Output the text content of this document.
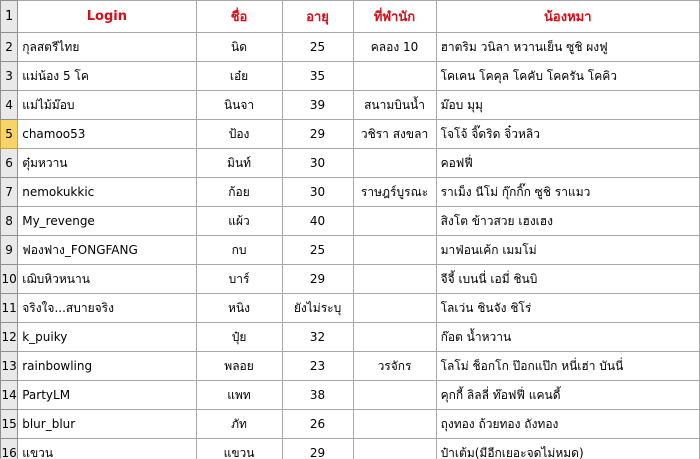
1	Login	ชื่อ	อายุ	ที่พำนัก	น้องหมา
2	กุลสตรีไทย	นิด	25	คลอง 10	ฮาตริม วนิลา หวานเย็น ซูชิ ผงฟู
3	แม่น้อง 5 โค	เอ๋ย	35		โคเคน โคคุล โคคับ โคครัน โคคิว
4	แม่ไม้ม๊อบ	นินจา	39	สนามบินน้ำ	ม๊อบ มุมุ
5	chamoo53	ป้อง	29	วชิรา สงขลา	โจโจ้ จิ๊ดริด จิ๋วหลิว
6	ตุ๋มหวาน	มินท์	30		คอฟฟี่
7	nemokukkic	ก้อย	30	ราษฎร์บูรณะ	ราเม็ง นีโม่ กุ๊กกิ๊ก ซูชิ ราแมว
8	My_revenge	แผ้ว	40		สิงโต ข้าวสวย เฮงเฮง
9	ฟองฟาง_FONGFANG	กบ	25		มาฟ่อนเค้ก เมมโม่
10	เฌิบหิวหนาน	บาร์	29		จีจี้ เบนนี่ เอมี่ ชินบิ
11	จริงใจ...สบายจริง	หนิง	ยังไม่ระบุ		โลเว่น ชินจัง ชิโร่
12	k_puiky	ปุ๋ย	32		ก๊อต น้ำหวาน
13	rainbowling	พลอย	23	วรจักร	โลโม่ ช็อกโก ป๊อกแป๊ก หนี่เฮ่า บันนี่
14	PartyLM	แพท	38		คุกกี้ ลิลลี่ ท๊อฟฟี่ แคนดี้
15	blur_blur	ภัท	26		ถุงทอง ถ้วยทอง ถังทอง
16	แขวน	แขวน	29		ป๋าเต้ม(มีอีกเยอะจดไม่หมด)
